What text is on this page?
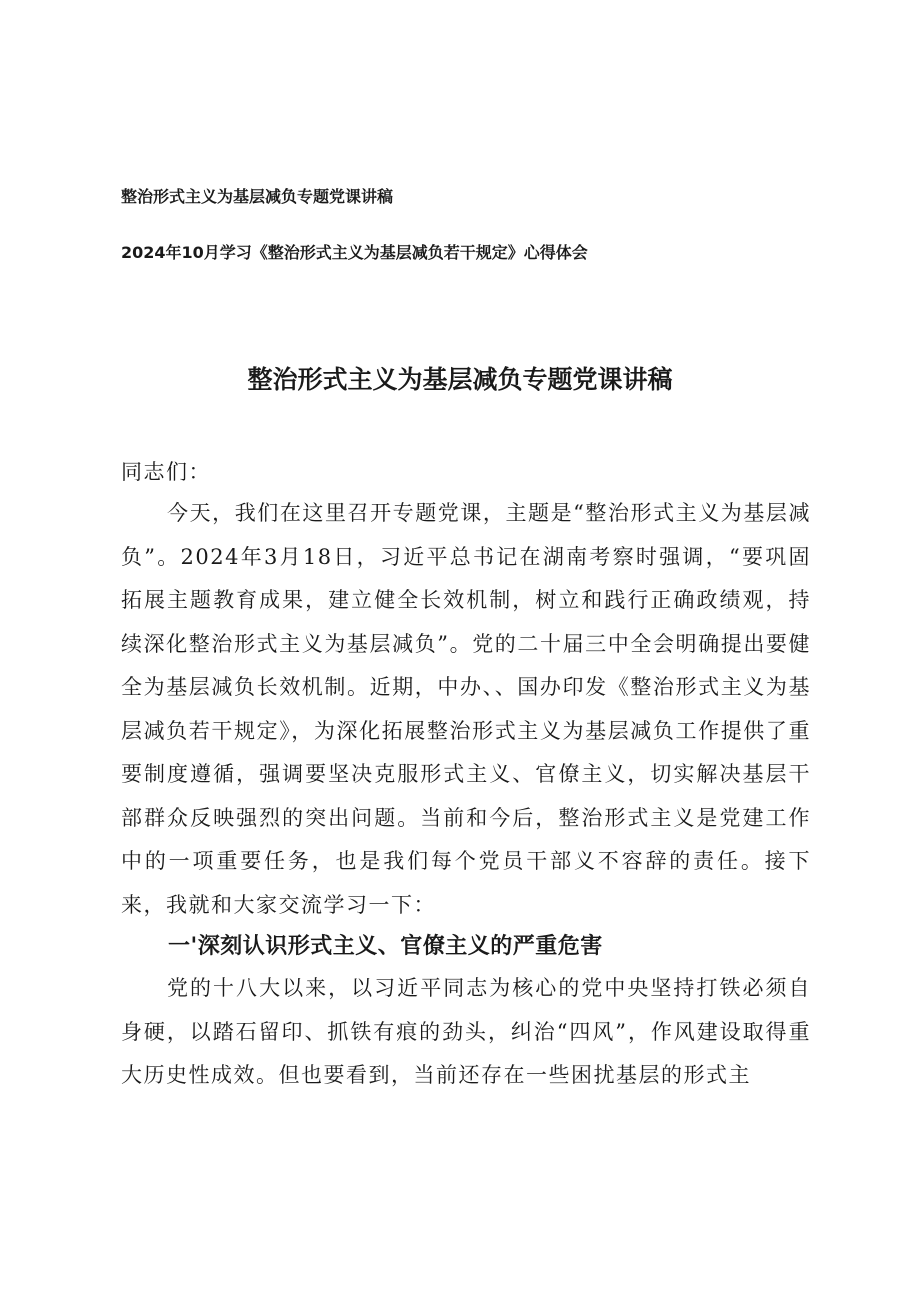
整治形式主义为基层减负专题党课讲稿
2024年10月学习《整治形式主义为基层减负若干规定》心得体会
整治形式主义为基层减负专题党课讲稿
同志们：
今天，我们在这里召开专题党课，主题是“整治形式主义为基层减负”。2024年3月18日，习近平总书记在湖南考察时强调，“要巩固拓展主题教育成果，建立健全长效机制，树立和践行正确政绩观，持续深化整治形式主义为基层减负”。党的二十届三中全会明确提出要健全为基层减负长效机制。近期，中办、、国办印发《整治形式主义为基层减负若干规定》，为深化拓展整治形式主义为基层减负工作提供了重要制度遵循，强调要坚决克服形式主义、官僚主义，切实解决基层干部群众反映强烈的突出问题。当前和今后，整治形式主义是党建工作中的一项重要任务，也是我们每个党员干部义不容辞的责任。接下来，我就和大家交流学习一下：
一'深刻认识形式主义、官僚主义的严重危害
党的十八大以来，以习近平同志为核心的党中央坚持打铁必须自身硬，以踏石留印、抓铁有痕的劲头，纠治“四风”，作风建设取得重大历史性成效。但也要看到，当前还存在一些困扰基层的形式主
